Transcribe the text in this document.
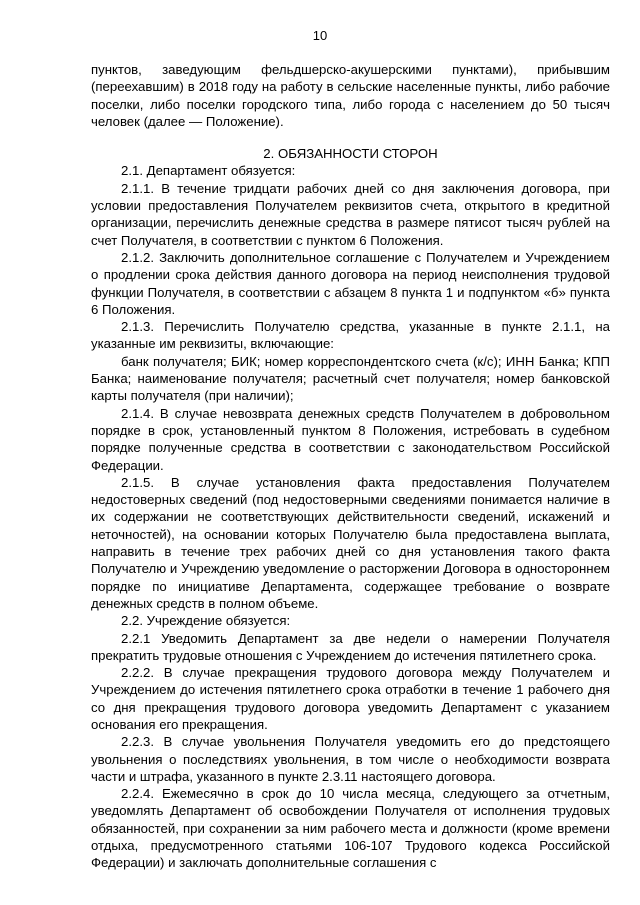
10

пунктов, заведующим фельдшерско-акушерскими пунктами), прибывшим (переехавшим) в 2018 году на работу в сельские населенные пункты, либо рабочие поселки, либо поселки городского типа, либо города с населением до 50 тысяч человек (далее — Положение).

2. ОБЯЗАННОСТИ СТОРОН

2.1. Департамент обязуется:

2.1.1. В течение тридцати рабочих дней со дня заключения договора, при условии предоставления Получателем реквизитов счета, открытого в кредитной организации, перечислить денежные средства в размере пятисот тысяч рублей на счет Получателя, в соответствии с пунктом 6 Положения.

2.1.2. Заключить дополнительное соглашение с Получателем и Учреждением о продлении срока действия данного договора на период неисполнения трудовой функции Получателя, в соответствии с абзацем 8 пункта 1 и подпунктом «б» пункта 6 Положения.

2.1.3. Перечислить Получателю средства, указанные в пункте 2.1.1, на указанные им реквизиты, включающие:

банк получателя; БИК; номер корреспондентского счета (к/с); ИНН Банка; КПП Банка; наименование получателя; расчетный счет получателя; номер банковской карты получателя (при наличии);

2.1.4. В случае невозврата денежных средств Получателем в добровольном порядке в срок, установленный пунктом 8 Положения, истребовать в судебном порядке полученные средства в соответствии с законодательством Российской Федерации.

2.1.5. В случае установления факта предоставления Получателем недостоверных сведений (под недостоверными сведениями понимается наличие в их содержании не соответствующих действительности сведений, искажений и неточностей), на основании которых Получателю была предоставлена выплата, направить в течение трех рабочих дней со дня установления такого факта Получателю и Учреждению уведомление о расторжении Договора в одностороннем порядке по инициативе Департамента, содержащее требование о возврате денежных средств в полном объеме.

2.2. Учреждение обязуется:

2.2.1 Уведомить Департамент за две недели о намерении Получателя прекратить трудовые отношения с Учреждением до истечения пятилетнего срока.

2.2.2. В случае прекращения трудового договора между Получателем и Учреждением до истечения пятилетнего срока отработки в течение 1 рабочего дня со дня прекращения трудового договора уведомить Департамент с указанием основания его прекращения.

2.2.3. В случае увольнения Получателя уведомить его до предстоящего увольнения о последствиях увольнения, в том числе о необходимости возврата части и штрафа, указанного в пункте 2.3.11 настоящего договора.

2.2.4. Ежемесячно в срок до 10 числа месяца, следующего за отчетным, уведомлять Департамент об освобождении Получателя от исполнения трудовых обязанностей, при сохранении за ним рабочего места и должности (кроме времени отдыха, предусмотренного статьями 106-107 Трудового кодекса Российской Федерации) и заключать дополнительные соглашения с
